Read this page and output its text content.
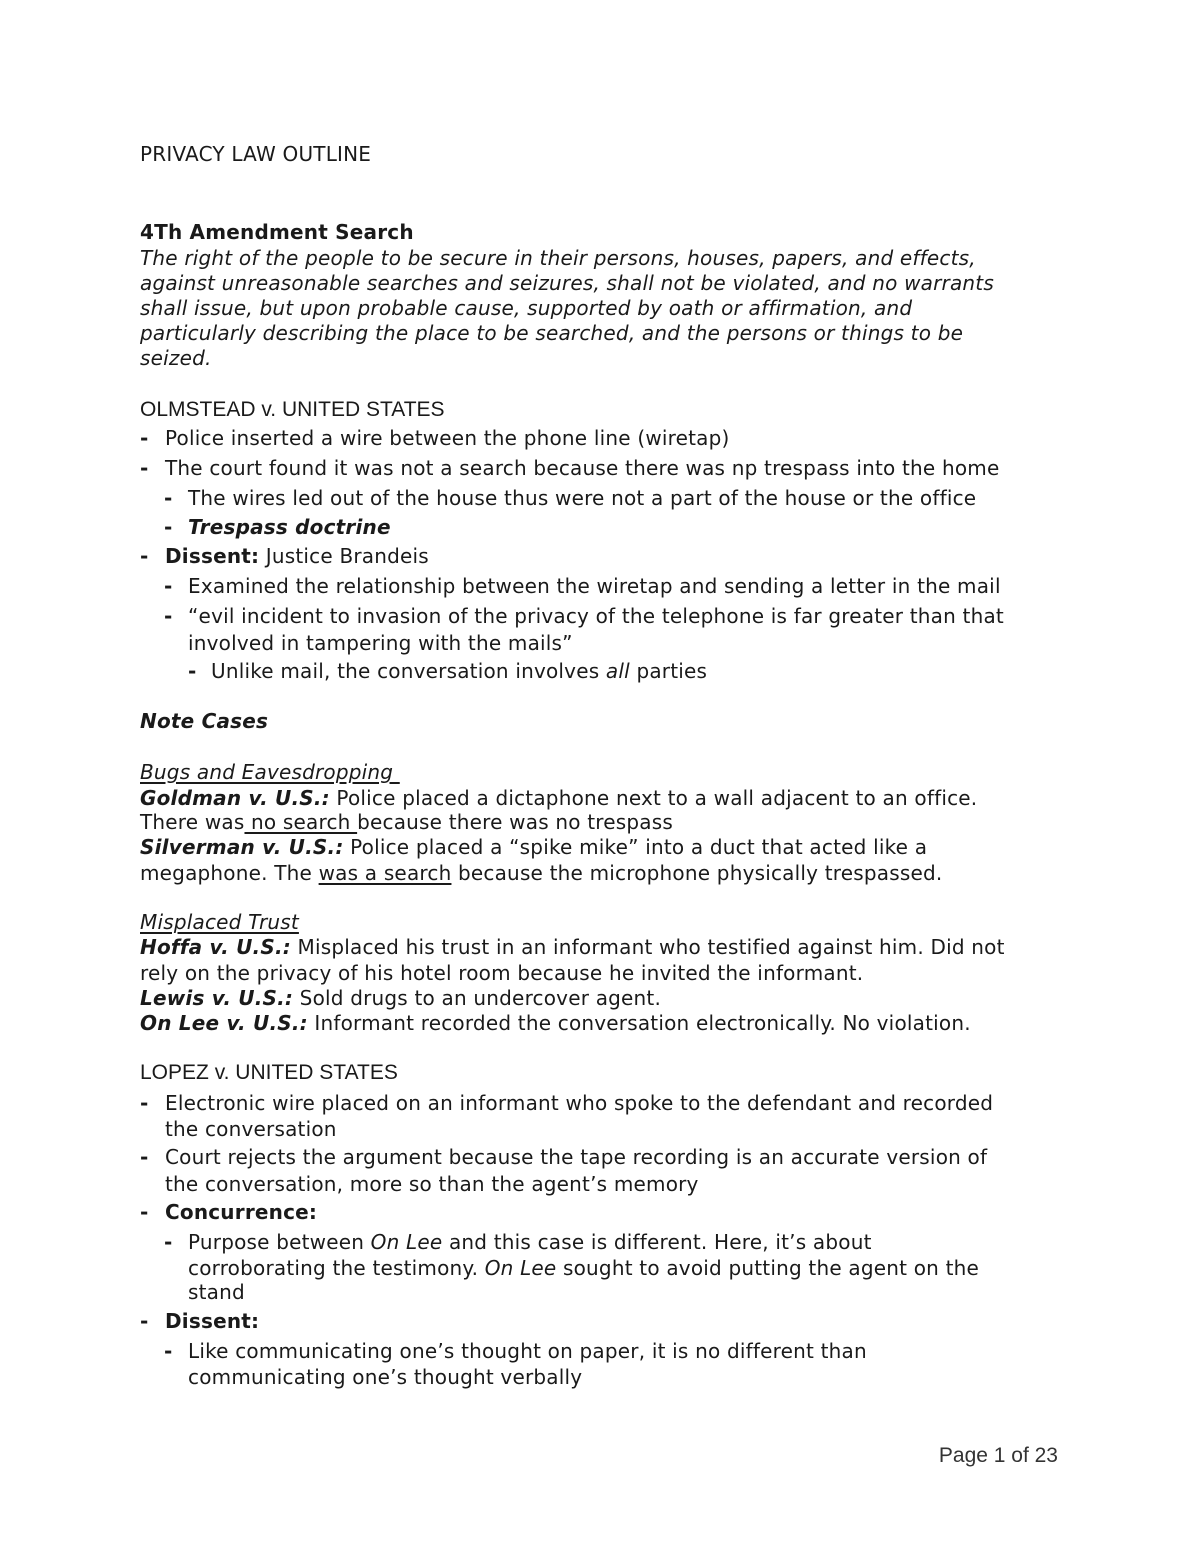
PRIVACY LAW OUTLINE
4Th Amendment Search
The right of the people to be secure in their persons, houses, papers, and effects,
against unreasonable searches and seizures, shall not be violated, and no warrants
shall issue, but upon probable cause, supported by oath or affirmation, and
particularly describing the place to be searched, and the persons or things to be
seized.
OLMSTEAD v. UNITED STATES
- Police inserted a wire between the phone line (wiretap)
- The court found it was not a search because there was np trespass into the home
- The wires led out of the house thus were not a part of the house or the office
- Trespass doctrine
- Dissent: Justice Brandeis
- Examined the relationship between the wiretap and sending a letter in the mail
- “evil incident to invasion of the privacy of the telephone is far greater than that
involved in tampering with the mails”
- Unlike mail, the conversation involves all parties
Note Cases
Bugs and Eavesdropping
Goldman v. U.S.: Police placed a dictaphone next to a wall adjacent to an office.
There was no search because there was no trespass
Silverman v. U.S.: Police placed a “spike mike” into a duct that acted like a
megaphone. The was a search because the microphone physically trespassed.
Misplaced Trust
Hoffa v. U.S.: Misplaced his trust in an informant who testified against him. Did not
rely on the privacy of his hotel room because he invited the informant.
Lewis v. U.S.: Sold drugs to an undercover agent.
On Lee v. U.S.: Informant recorded the conversation electronically. No violation.
LOPEZ v. UNITED STATES
- Electronic wire placed on an informant who spoke to the defendant and recorded
the conversation
- Court rejects the argument because the tape recording is an accurate version of
the conversation, more so than the agent’s memory
- Concurrence:
- Purpose between On Lee and this case is different. Here, it’s about
corroborating the testimony. On Lee sought to avoid putting the agent on the
stand
- Dissent:
- Like communicating one’s thought on paper, it is no different than
communicating one’s thought verbally
Page 1 of 23
